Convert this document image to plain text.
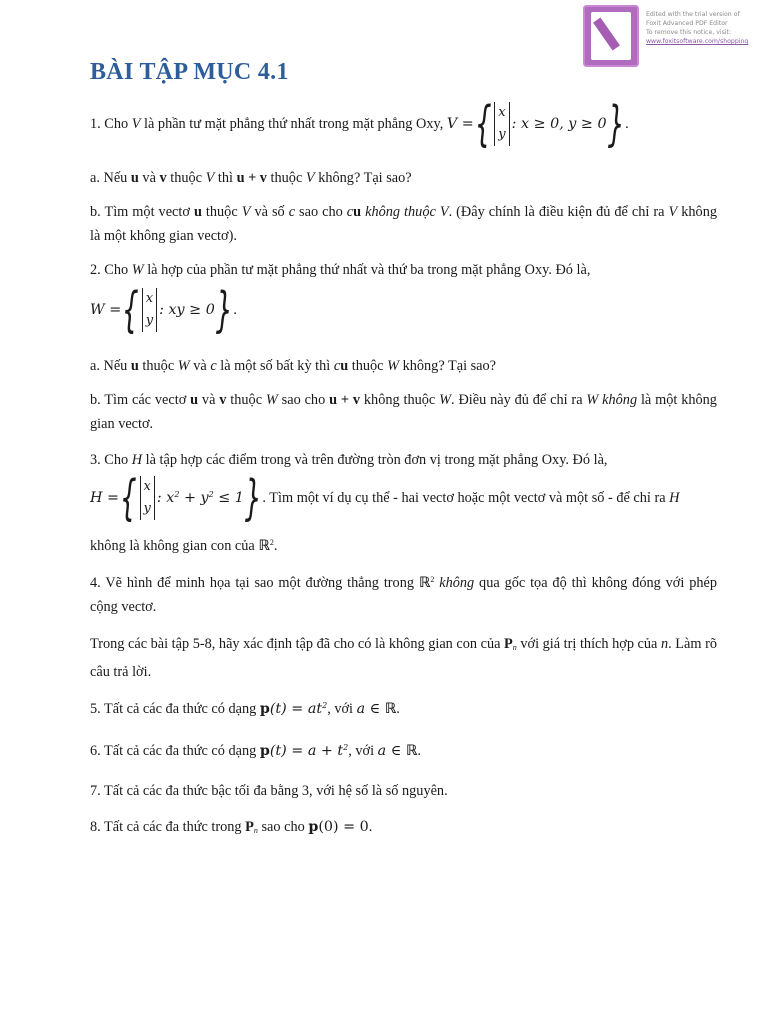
Edited with the trial version of
Foxit Advanced PDF Editor
To remove this notice, visit:
www.foxitsoftware.com/shopping
BÀI TẬP MỤC 4.1
1. Cho V là phần tư mặt phẳng thứ nhất trong mặt phẳng Oxy, V ={ x
y
: x ≥ 0, y ≥ 0}.
a. Nếu u và v thuộc V thì u + v thuộc V không? Tại sao?
b. Tìm một vectơ u thuộc V và số c sao cho cu không thuộc V. (Đây chính là điều kiện đủ để chỉ ra V không là một không gian vectơ).
2. Cho W là hợp của phần tư mặt phẳng thứ nhất và thứ ba trong mặt phẳng Oxy. Đó là,
W ={ x
y
: xy ≥ 0}.
a. Nếu u thuộc W và c là một số bất kỳ thì cu thuộc W không? Tại sao?
b. Tìm các vectơ u và v thuộc W sao cho u + v không thuộc W. Điều này đủ để chỉ ra W không là một không gian vectơ.
3. Cho H là tập hợp các điểm trong và trên đường tròn đơn vị trong mặt phẳng Oxy. Đó là,
H ={ x
y
: $x^2 + y^2 \le 1$}. Tìm một ví dụ cụ thể - hai vectơ hoặc một vectơ và một số - để chỉ ra H
không là không gian con của ℝ$^2$.
4. Vẽ hình để minh họa tại sao một đường thẳng trong ℝ$^2$ không qua gốc tọa độ thì không đóng với phép cộng vectơ.
Trong các bài tập 5-8, hãy xác định tập đã cho có là không gian con của $P_n$ với giá trị thích hợp của n. Làm rõ câu trả lời.
5. Tất cả các đa thức có dạng $p(t) = at^2$, với a ∈ ℝ.
6. Tất cả các đa thức có dạng $p(t) = a + t^2$, với a ∈ ℝ.
7. Tất cả các đa thức bậc tối đa bằng 3, với hệ số là số nguyên.
8. Tất cả các đa thức trong $P_n$ sao cho p(0) = 0.
